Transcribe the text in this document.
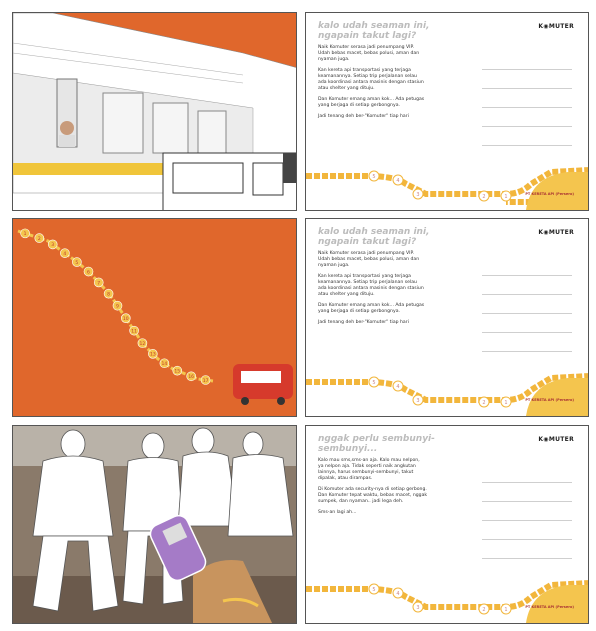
kalo udah seaman ini,
ngapain takut lagi?
K◉MUTER

Naik Komuter serasa jadi penumpang VIP.
Udah bebas macet, bebas polusi, aman dan
nyaman juga.

Kan kereta api transportasi yang terjaga
keamanannya. Setiap trip perjalanan selau
ada koordinasi antara masinis dengan stasiun
atau shelter yang dituju.

Dan Komuter emang aman kok... Ada petugas
yang berjaga di setiap gerbongnya.

Jadi tenang deh ber-"Komuter" tiap hari

5
4
3	2	1	PT KERETA API (Persero)
1
2
3
4
5
6
7
8
9
10
11
12
13
14
15
16
17
kalo udah seaman ini,
ngapain takut lagi?
K◉MUTER

Naik Komuter serasa jadi penumpang VIP.
Udah bebas macet, bebas polusi, aman dan
nyaman juga.

Kan kereta api transportasi yang terjaga
keamanannya. Setiap trip perjalanan selau
ada koordinasi antara masinis dengan stasiun
atau shelter yang dituju.

Dan Komuter emang aman kok... Ada petugas
yang berjaga di setiap gerbongnya.

Jadi tenang deh ber-"Komuter" tiap hari

5
4
3	2	1	PT KERETA API (Persero)
nggak perlu sembunyi-
sembunyi...
K◉MUTER

Kalo mau sms,sms-an aja. Kalo mau nelpon,
ya nelpon aja. Tidak seperti naik angkutan
lainnya, harus sembunyi-sembunyi, takut
dipalak, atau dirampas.

Di Komuter ada security-nya di setiap gerbong.
Dan Komuter tepat waktu, bebas macet, nggak
sumpek, dan nyaman.. jadi lega deh.

Sms-an lagi ah...

5
4
3	2	1	PT KERETA API (Persero)
